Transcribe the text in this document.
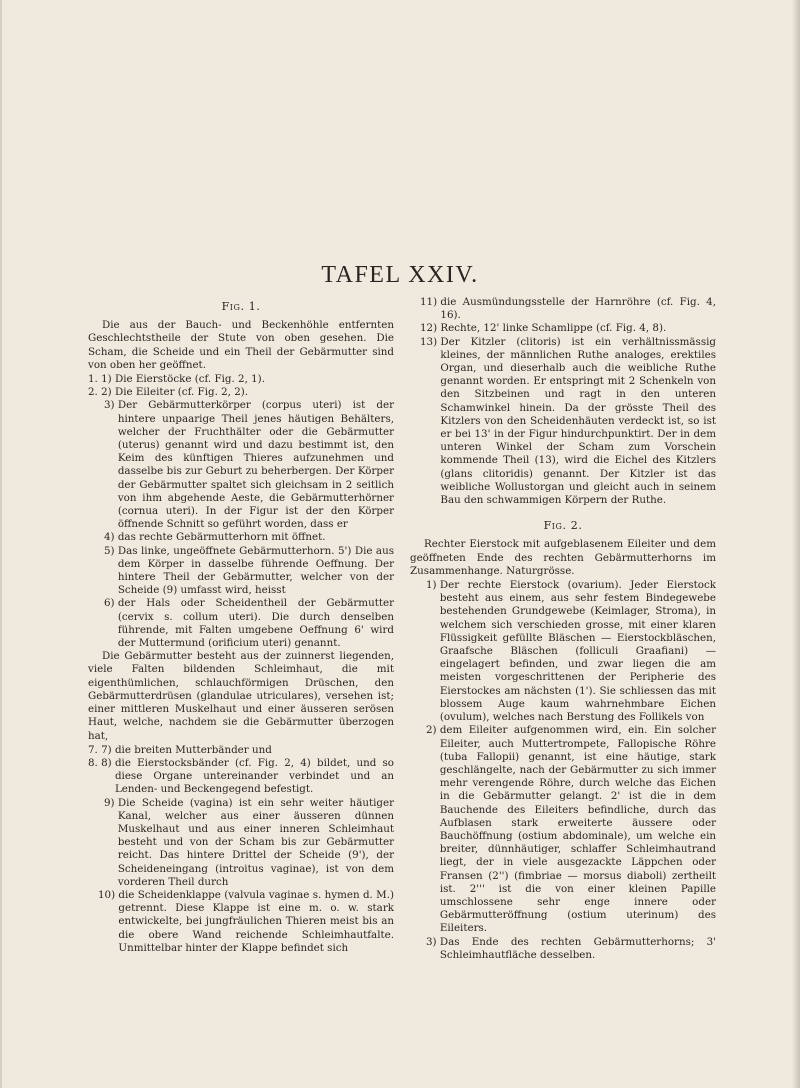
TAFEL XXIV.
Fig. 1.

Die aus der Bauch- und Beckenhöhle entfernten Geschlechtstheile der Stute von oben gesehen. Die Scham, die Scheide und ein Theil der Gebärmutter sind von oben her geöffnet.

1. 1) Die Eierstöcke (cf. Fig. 2, 1).
2. 2) Die Eileiter (cf. Fig. 2, 2).
3) Der Gebärmutterkörper (corpus uteri) ist der hintere unpaarige Theil jenes häutigen Behälters, welcher der Fruchthälter oder die Gebärmutter (uterus) genannt wird und dazu bestimmt ist, den Keim des künftigen Thieres aufzunehmen und dasselbe bis zur Geburt zu beherbergen. Der Körper der Gebärmutter spaltet sich gleichsam in 2 seitlich von ihm abgehende Aeste, die Gebärmutterhörner (cornua uteri). In der Figur ist der den Körper öffnende Schnitt so geführt worden, dass er
4) das rechte Gebärmutterhorn mit öffnet.
5) Das linke, ungeöffnete Gebärmutterhorn. 5') Die aus dem Körper in dasselbe führende Oeffnung. Der hintere Theil der Gebärmutter, welcher von der Scheide (9) umfasst wird, heisst
6) der Hals oder Scheidentheil der Gebärmutter (cervix s. collum uteri). Die durch denselben führende, mit Falten umgebene Oeffnung 6' wird der Muttermund (orificium uteri) genannt.

Die Gebärmutter besteht aus der zuinnerst liegenden, viele Falten bildenden Schleimhaut, die mit eigenthümlichen, schlauchförmigen Drüschen, den Gebärmutterdrüsen (glandulae utriculares), versehen ist; einer mittleren Muskelhaut und einer äusseren serösen Haut, welche, nachdem sie die Gebärmutter überzogen hat,

7. 7) die breiten Mutterbänder und
8. 8) die Eierstocksbänder (cf. Fig. 2, 4) bildet, und so diese Organe untereinander verbindet und an Lenden- und Beckengegend befestigt.
9) Die Scheide (vagina) ist ein sehr weiter häutiger Kanal, welcher aus einer äusseren dünnen Muskelhaut und aus einer inneren Schleimhaut besteht und von der Scham bis zur Gebärmutter reicht. Das hintere Drittel der Scheide (9'), der Scheideneingang (introitus vaginae), ist von dem vorderen Theil durch
10) die Scheidenklappe (valvula vaginae s. hymen d. M.) getrennt. Diese Klappe ist eine m. o. w. stark entwickelte, bei jungfräulichen Thieren meist bis an die obere Wand reichende Schleimhautfalte. Unmittelbar hinter der Klappe befindet sich
11) die Ausmündungsstelle der Harnröhre (cf. Fig. 4, 16).
12) Rechte, 12' linke Schamlippe (cf. Fig. 4, 8).
13) Der Kitzler (clitoris) ist ein verhältnissmässig kleines, der männlichen Ruthe analoges, erektiles Organ, und dieserhalb auch die weibliche Ruthe genannt worden. Er entspringt mit 2 Schenkeln von den Sitzbeinen und ragt in den unteren Schamwinkel hinein. Da der grösste Theil des Kitzlers von den Scheidenhäuten verdeckt ist, so ist er bei 13' in der Figur hindurchpunktirt. Der in dem unteren Winkel der Scham zum Vorschein kommende Theil (13), wird die Eichel des Kitzlers (glans clitoridis) genannt. Der Kitzler ist das weibliche Wollustorgan und gleicht auch in seinem Bau den schwammigen Körpern der Ruthe.
Fig. 2.

Rechter Eierstock mit aufgeblasenem Eileiter und dem geöffneten Ende des rechten Gebärmutterhorns im Zusammenhange. Naturgrösse.

1) Der rechte Eierstock (ovarium). Jeder Eierstock besteht aus einem, aus sehr festem Bindegewebe bestehenden Grundgewebe (Keimlager, Stroma), in welchem sich verschieden grosse, mit einer klaren Flüssigkeit gefüllte Bläschen — Eierstockbläschen, Graafsche Bläschen (folliculi Graafiani) — eingelagert befinden, und zwar liegen die am meisten vorgeschrittenen der Peripherie des Eierstockes am nächsten (1'). Sie schliessen das mit blossem Auge kaum wahrnehmbare Eichen (ovulum), welches nach Berstung des Follikels von
2) dem Eileiter aufgenommen wird, ein. Ein solcher Eileiter, auch Muttertrompete, Fallopische Röhre (tuba Fallopii) genannt, ist eine häutige, stark geschlängelte, nach der Gebärmutter zu sich immer mehr verengende Röhre, durch welche das Eichen in die Gebärmutter gelangt. 2' ist die in dem Bauchende des Eileiters befindliche, durch das Aufblasen stark erweiterte äussere oder Bauchöffnung (ostium abdominale), um welche ein breiter, dünnhäutiger, schlaffer Schleimhautrand liegt, der in viele ausgezackte Läppchen oder Fransen (2'') (fimbriae — morsus diaboli) zertheilt ist. 2''' ist die von einer kleinen Papille umschlossene sehr enge innere oder Gebärmutteröffnung (ostium uterinum) des Eileiters.
3) Das Ende des rechten Gebärmutterhorns; 3' Schleimhautfläche desselben.
